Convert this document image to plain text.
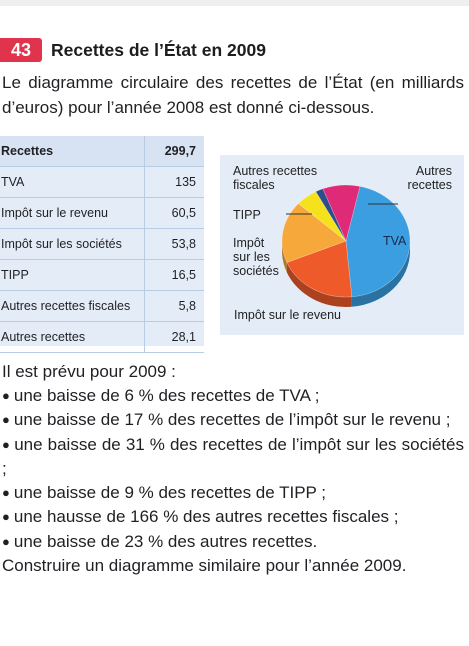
43	Recettes de l’État en 2009

Le diagramme circulaire des recettes de l’État (en milliards d’euros) pour l’année 2008 est donné ci-dessous.

Recettes	299,7
TVA	135
Impôt sur le revenu	60,5
Impôt sur les sociétés	53,8
TIPP	16,5
Autres recettes fiscales	5,8
Autres recettes	28,1
Autres recettes
fiscales
Autres
recettes
TIPP
Impôt
sur les
sociétés
TVA
Impôt sur le revenu

Il est prévu pour 2009 :

● une baisse de 6 % des recettes de TVA ;
● une baisse de 17 % des recettes de l’impôt sur le revenu ;
● une baisse de 31 % des recettes de l’impôt sur les sociétés ;
● une baisse de 9 % des recettes de TIPP ;
● une hausse de 166 % des autres recettes fiscales ;
● une baisse de 23 % des autres recettes.

Construire un diagramme similaire pour l’année 2009.
